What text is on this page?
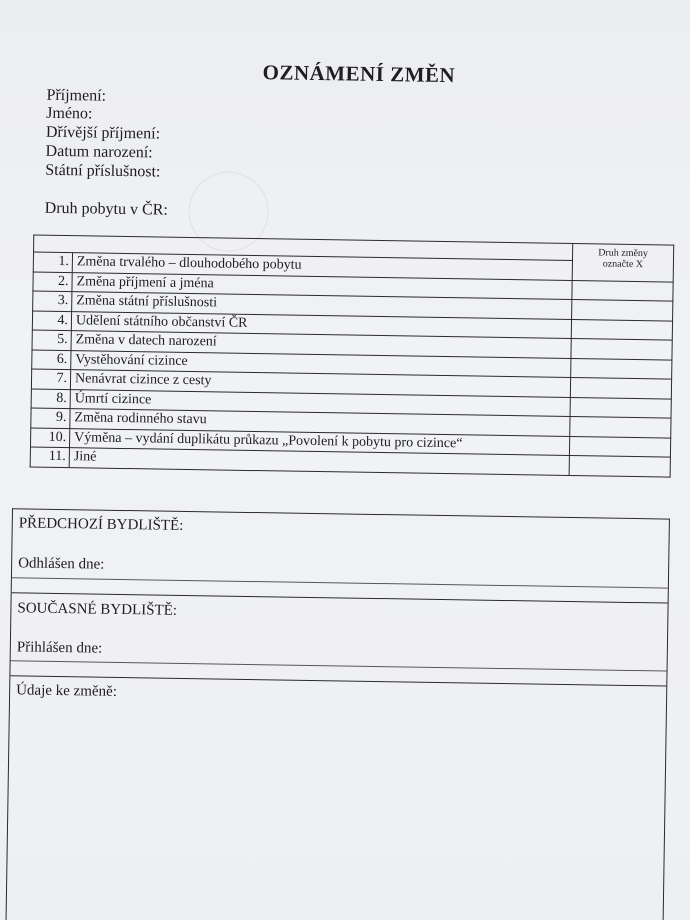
OZNÁMENÍ ZMĚN
Příjmení:
Jméno:
Dřívější příjmení:
Datum narození:
Státní příslušnost:
Druh pobytu v ČR:
		Druh změny
označte X
1.	Změna trvalého – dlouhodobého pobytu	
2.	Změna příjmení a jména	
3.	Změna státní příslušnosti	
4.	Udělení státního občanství ČR	
5.	Změna v datech narození	
6.	Vystěhování cizince	
7.	Nenávrat cizince z cesty	
8.	Úmrtí cizince	
9.	Změna rodinného stavu	
10.	Výměna – vydání duplikátu průkazu „Povolení k pobytu pro cizince“	
11.	Jiné	
PŘEDCHOZÍ BYDLIŠTĚ:
Odhlášen dne:
SOUČASNÉ BYDLIŠTĚ:
Přihlášen dne:
Údaje ke změně:
